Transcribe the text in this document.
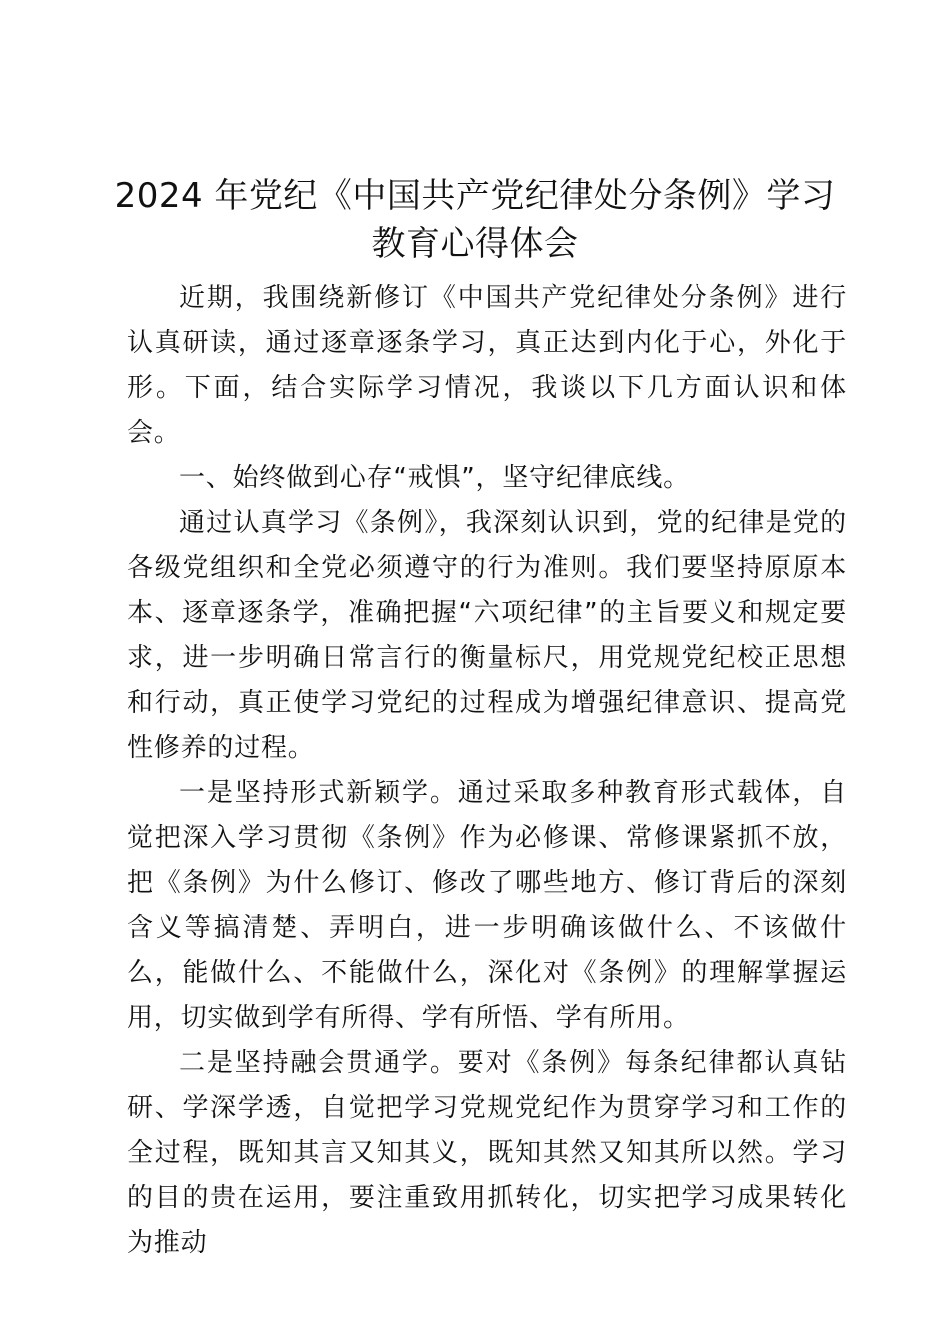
2024 年党纪《中国共产党纪律处分条例》学习教育心得体会

近期，我围绕新修订《中国共产党纪律处分条例》进行认真研读，通过逐章逐条学习，真正达到内化于心，外化于形。下面，结合实际学习情况，我谈以下几方面认识和体会。

一、始终做到心存“戒惧”，坚守纪律底线。

通过认真学习《条例》，我深刻认识到，党的纪律是党的各级党组织和全党必须遵守的行为准则。我们要坚持原原本本、逐章逐条学，准确把握“六项纪律”的主旨要义和规定要求，进一步明确日常言行的衡量标尺，用党规党纪校正思想和行动，真正使学习党纪的过程成为增强纪律意识、提高党性修养的过程。

一是坚持形式新颖学。通过采取多种教育形式载体，自觉把深入学习贯彻《条例》作为必修课、常修课紧抓不放，把《条例》为什么修订、修改了哪些地方、修订背后的深刻含义等搞清楚、弄明白，进一步明确该做什么、不该做什么，能做什么、不能做什么，深化对《条例》的理解掌握运用，切实做到学有所得、学有所悟、学有所用。

二是坚持融会贯通学。要对《条例》每条纪律都认真钻研、学深学透，自觉把学习党规党纪作为贯穿学习和工作的全过程，既知其言又知其义，既知其然又知其所以然。学习的目的贵在运用，要注重致用抓转化，切实把学习成果转化为推动
